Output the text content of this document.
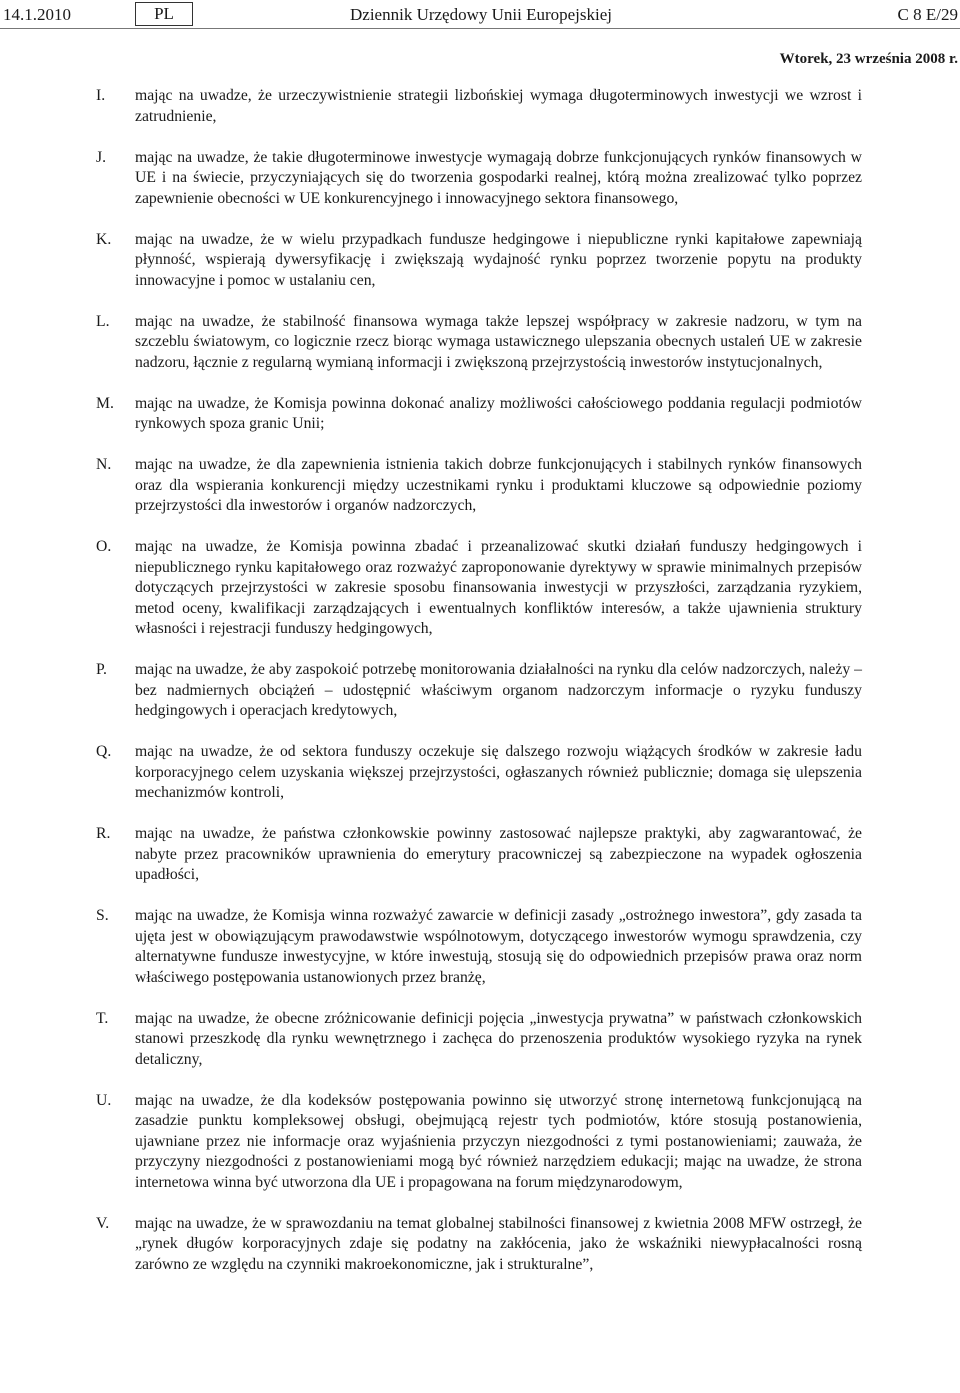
14.1.2010	PL	Dziennik Urzędowy Unii Europejskiej	C 8 E/29
Wtorek, 23 września 2008 r.
I. mając na uwadze, że urzeczywistnienie strategii lizbońskiej wymaga długoterminowych inwestycji we wzrost i zatrudnienie,
J. mając na uwadze, że takie długoterminowe inwestycje wymagają dobrze funkcjonujących rynków finansowych w UE i na świecie, przyczyniających się do tworzenia gospodarki realnej, którą można zrealizować tylko poprzez zapewnienie obecności w UE konkurencyjnego i innowacyjnego sektora finansowego,
K. mając na uwadze, że w wielu przypadkach fundusze hedgingowe i niepubliczne rynki kapitałowe zapewniają płynność, wspierają dywersyfikację i zwiększają wydajność rynku poprzez tworzenie popytu na produkty innowacyjne i pomoc w ustalaniu cen,
L. mając na uwadze, że stabilność finansowa wymaga także lepszej współpracy w zakresie nadzoru, w tym na szczeblu światowym, co logicznie rzecz biorąc wymaga ustawicznego ulepszania obecnych ustaleń UE w zakresie nadzoru, łącznie z regularną wymianą informacji i zwiększoną przejrzystością inwestorów instytucjonalnych,
M. mając na uwadze, że Komisja powinna dokonać analizy możliwości całościowego poddania regulacji podmiotów rynkowych spoza granic Unii;
N. mając na uwadze, że dla zapewnienia istnienia takich dobrze funkcjonujących i stabilnych rynków finansowych oraz dla wspierania konkurencji między uczestnikami rynku i produktami kluczowe są odpowiednie poziomy przejrzystości dla inwestorów i organów nadzorczych,
O. mając na uwadze, że Komisja powinna zbadać i przeanalizować skutki działań funduszy hedgingowych i niepublicznego rynku kapitałowego oraz rozważyć zaproponowanie dyrektywy w sprawie minimalnych przepisów dotyczących przejrzystości w zakresie sposobu finansowania inwestycji w przyszłości, zarządzania ryzykiem, metod oceny, kwalifikacji zarządzających i ewentualnych konfliktów interesów, a także ujawnienia struktury własności i rejestracji funduszy hedgingowych,
P. mając na uwadze, że aby zaspokoić potrzebę monitorowania działalności na rynku dla celów nadzorczych, należy – bez nadmiernych obciążeń – udostępnić właściwym organom nadzorczym informacje o ryzyku funduszy hedgingowych i operacjach kredytowych,
Q. mając na uwadze, że od sektora funduszy oczekuje się dalszego rozwoju wiążących środków w zakresie ładu korporacyjnego celem uzyskania większej przejrzystości, ogłaszanych również publicznie; domaga się ulepszenia mechanizmów kontroli,
R. mając na uwadze, że państwa członkowskie powinny zastosować najlepsze praktyki, aby zagwarantować, że nabyte przez pracowników uprawnienia do emerytury pracowniczej są zabezpieczone na wypadek ogłoszenia upadłości,
S. mając na uwadze, że Komisja winna rozważyć zawarcie w definicji zasady „ostrożnego inwestora”, gdy zasada ta ujęta jest w obowiązującym prawodawstwie wspólnotowym, dotyczącego inwestorów wymogu sprawdzenia, czy alternatywne fundusze inwestycyjne, w które inwestują, stosują się do odpowiednich przepisów prawa oraz norm właściwego postępowania ustanowionych przez branżę,
T. mając na uwadze, że obecne zróżnicowanie definicji pojęcia „inwestycja prywatna” w państwach członkowskich stanowi przeszkodę dla rynku wewnętrznego i zachęca do przenoszenia produktów wysokiego ryzyka na rynek detaliczny,
U. mając na uwadze, że dla kodeksów postępowania powinno się utworzyć stronę internetową funkcjonującą na zasadzie punktu kompleksowej obsługi, obejmującą rejestr tych podmiotów, które stosują postanowienia, ujawniane przez nie informacje oraz wyjaśnienia przyczyn niezgodności z tymi postanowieniami; zauważa, że przyczyny niezgodności z postanowieniami mogą być również narzędziem edukacji; mając na uwadze, że strona internetowa winna być utworzona dla UE i propagowana na forum międzynarodowym,
V. mając na uwadze, że w sprawozdaniu na temat globalnej stabilności finansowej z kwietnia 2008 MFW ostrzegł, że „rynek długów korporacyjnych zdaje się podatny na zakłócenia, jako że wskaźniki niewypłacalności rosną zarówno ze względu na czynniki makroekonomiczne, jak i strukturalne”,
